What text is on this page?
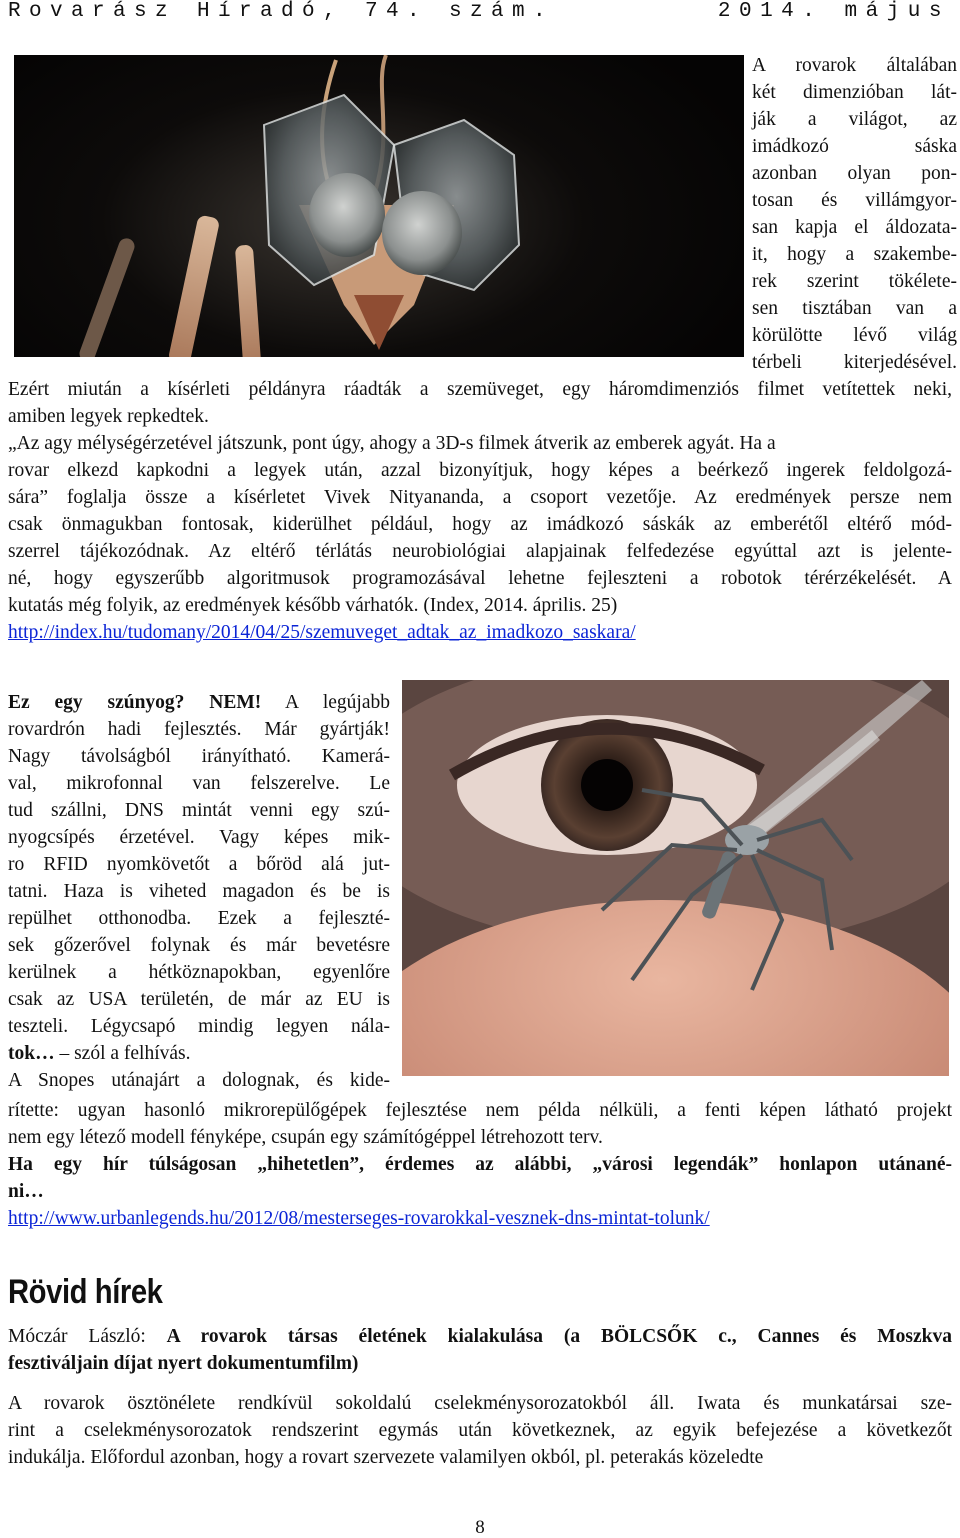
Rovarász Híradó, 74. szám.	2014. május
A rovarok általában
két dimenzióban lát-
ják a világot, az
imádkozó sáska
azonban olyan pon-
tosan és villámgyor-
san kapja el áldozata-
it, hogy a szakembe-
rek szerint tökélete-
sen tisztában van a
körülötte lévő világ
térbeli kiterjedésével.
Ezért miután a kísérleti példányra ráadták a szemüveget, egy háromdimenziós filmet vetítettek neki,
amiben legyek repkedtek.
„Az agy mélységérzetével játszunk, pont úgy, ahogy a 3D-s filmek átverik az emberek agyát. Ha a
rovar elkezd kapkodni a legyek után, azzal bizonyítjuk, hogy képes a beérkező ingerek feldolgozá-
sára” foglalja össze a kísérletet Vivek Nityananda, a csoport vezetője. Az eredmények persze nem
csak önmagukban fontosak, kiderülhet például, hogy az imádkozó sáskák az emberétől eltérő mód-
szerrel tájékozódnak. Az eltérő térlátás neurobiológiai alapjainak felfedezése egyúttal azt is jelente-
né, hogy egyszerűbb algoritmusok programozásával lehetne fejleszteni a robotok térérzékelését. A
kutatás még folyik, az eredmények később várhatók. (Index, 2014. április. 25)
http://index.hu/tudomany/2014/04/25/szemuveget_adtak_az_imadkozo_saskara/
Ez egy szúnyog? NEM! A legújabb
rovardrón hadi fejlesztés. Már gyártják!
Nagy távolságból irányítható. Kamerá-
val, mikrofonnal van felszerelve. Le
tud szállni, DNS mintát venni egy szú-
nyogcsípés érzetével. Vagy képes mik-
ro RFID nyomkövetőt a bőröd alá jut-
tatni. Haza is viheted magadon és be is
repülhet otthonodba. Ezek a fejleszté-
sek gőzerővel folynak és már bevetésre
kerülnek a hétköznapokban, egyenlőre
csak az USA területén, de már az EU is
teszteli. Légycsapó mindig legyen nála-
tok… – szól a felhívás.
A Snopes utánajárt a dolognak, és kide-
rítette: ugyan hasonló mikrorepülőgépek fejlesztése nem példa nélküli, a fenti képen látható projekt
nem egy létező modell fényképe, csupán egy számítógéppel létrehozott terv.
Ha egy hír túlságosan „hihetetlen”, érdemes az alábbi, „városi legendák” honlapon utánané-
ni…
http://www.urbanlegends.hu/2012/08/mesterseges-rovarokkal-vesznek-dns-mintat-tolunk/
Rövid hírek
Móczár László: A rovarok társas életének kialakulása (a BÖLCSŐK c., Cannes és Moszkva
fesztiváljain díjat nyert dokumentumfilm)
A rovarok ösztönélete rendkívül sokoldalú cselekménysorozatokból áll. Iwata és munkatársai sze-
rint a cselekménysorozatok rendszerint egymás után következnek, az egyik befejezése a következőt
indukálja. Előfordul azonban, hogy a rovart szervezete valamilyen okból, pl. peterakás közeledte
8
